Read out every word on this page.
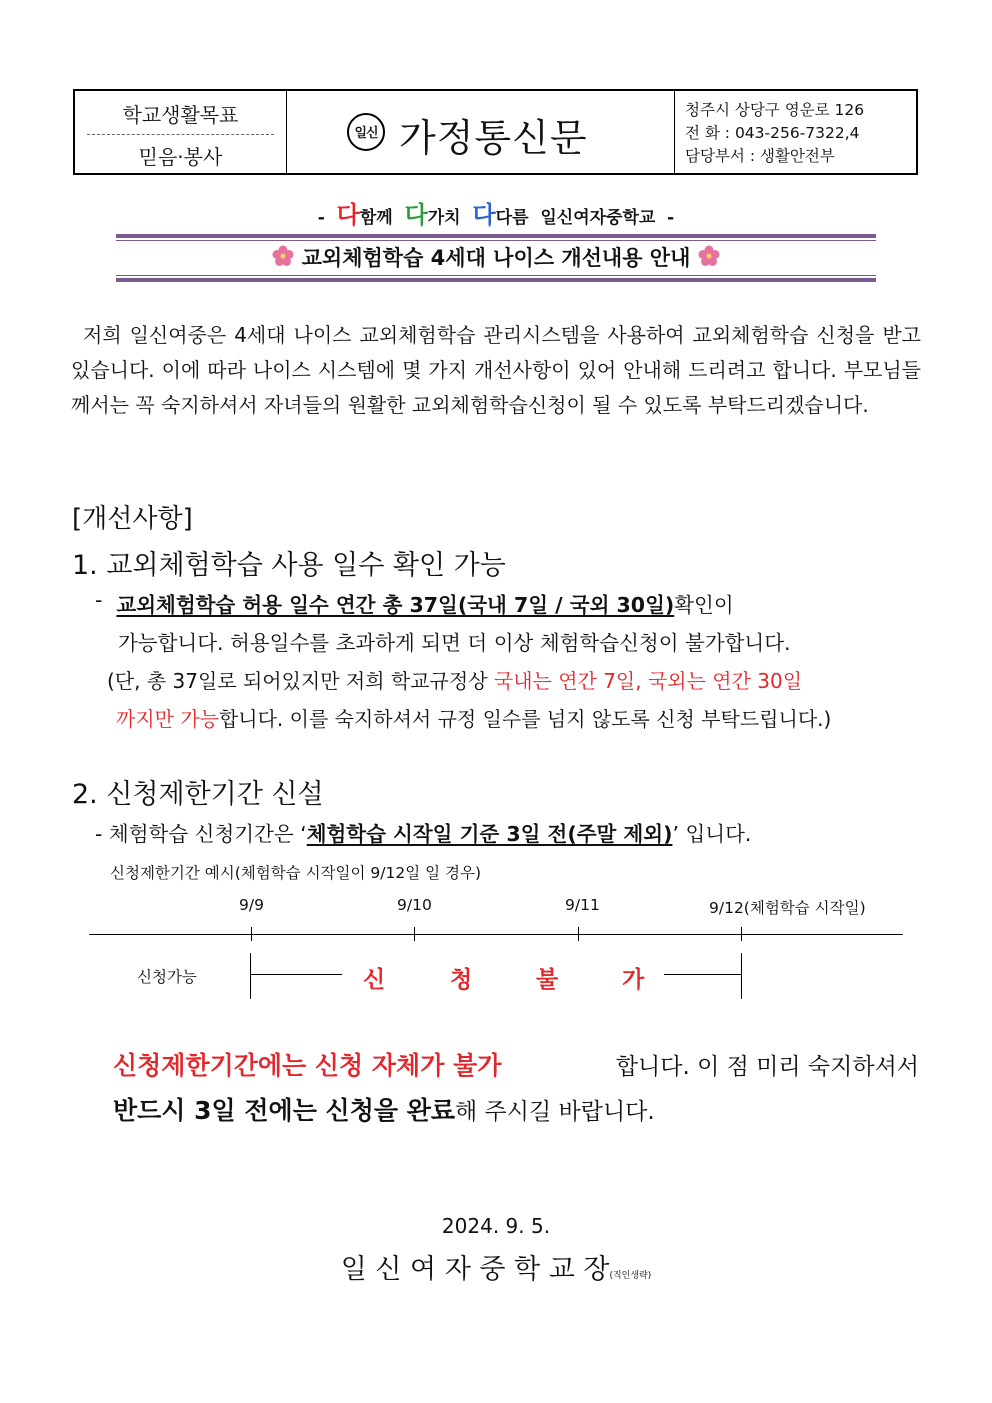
학교생활목표
믿음·봉사
일신 가정통신문
청주시 상당구 영운로 126
전 화 : 043-256-7322,4
담당부서 : 생활안전부
- 다함께 다가치 다다름 일신여자중학교 -
교외체험학습 4세대 나이스 개선내용 안내

저희 일신여중은 4세대 나이스 교외체험학습 관리시스템을 사용하여 교외체험학습 신청을 받고 있습니다. 이에 따라 나이스 시스템에 몇 가지 개선사항이 있어 안내해 드리려고 합니다. 부모님들께서는 꼭 숙지하셔서 자녀들의 원활한 교외체험학습신청이 될 수 있도록 부탁드리겠습니다.

[개선사항]
1. 교외체험학습 사용 일수 확인 가능
- 교외체험학습 허용 일수 연간 총 37일(국내 7일 / 국외 30일)확인이
가능합니다. 허용일수를 초과하게 되면 더 이상 체험학습신청이 불가합니다.
(단, 총 37일로 되어있지만 저희 학교규정상 국내는 연간 7일, 국외는 연간 30일
까지만 가능합니다. 이를 숙지하셔서 규정 일수를 넘지 않도록 신청 부탁드립니다.)
2. 신청제한기간 신설
- 체험학습 신청기간은 ‘체험학습 시작일 기준 3일 전(주말 제외)’ 입니다.
신청제한기간 예시(체험학습 시작일이 9/12일 일 경우)
9/9	9/10	9/11	9/12(체험학습 시작일)
신청가능	신	청	불	가
신청제한기간에는 신청 자체가 불가	합니다. 이 점 미리 숙지하셔서
반드시 3일 전에는 신청을 완료해 주시길 바랍니다.
2024. 9. 5.
일 신 여 자 중 학 교 장(직인생략)
